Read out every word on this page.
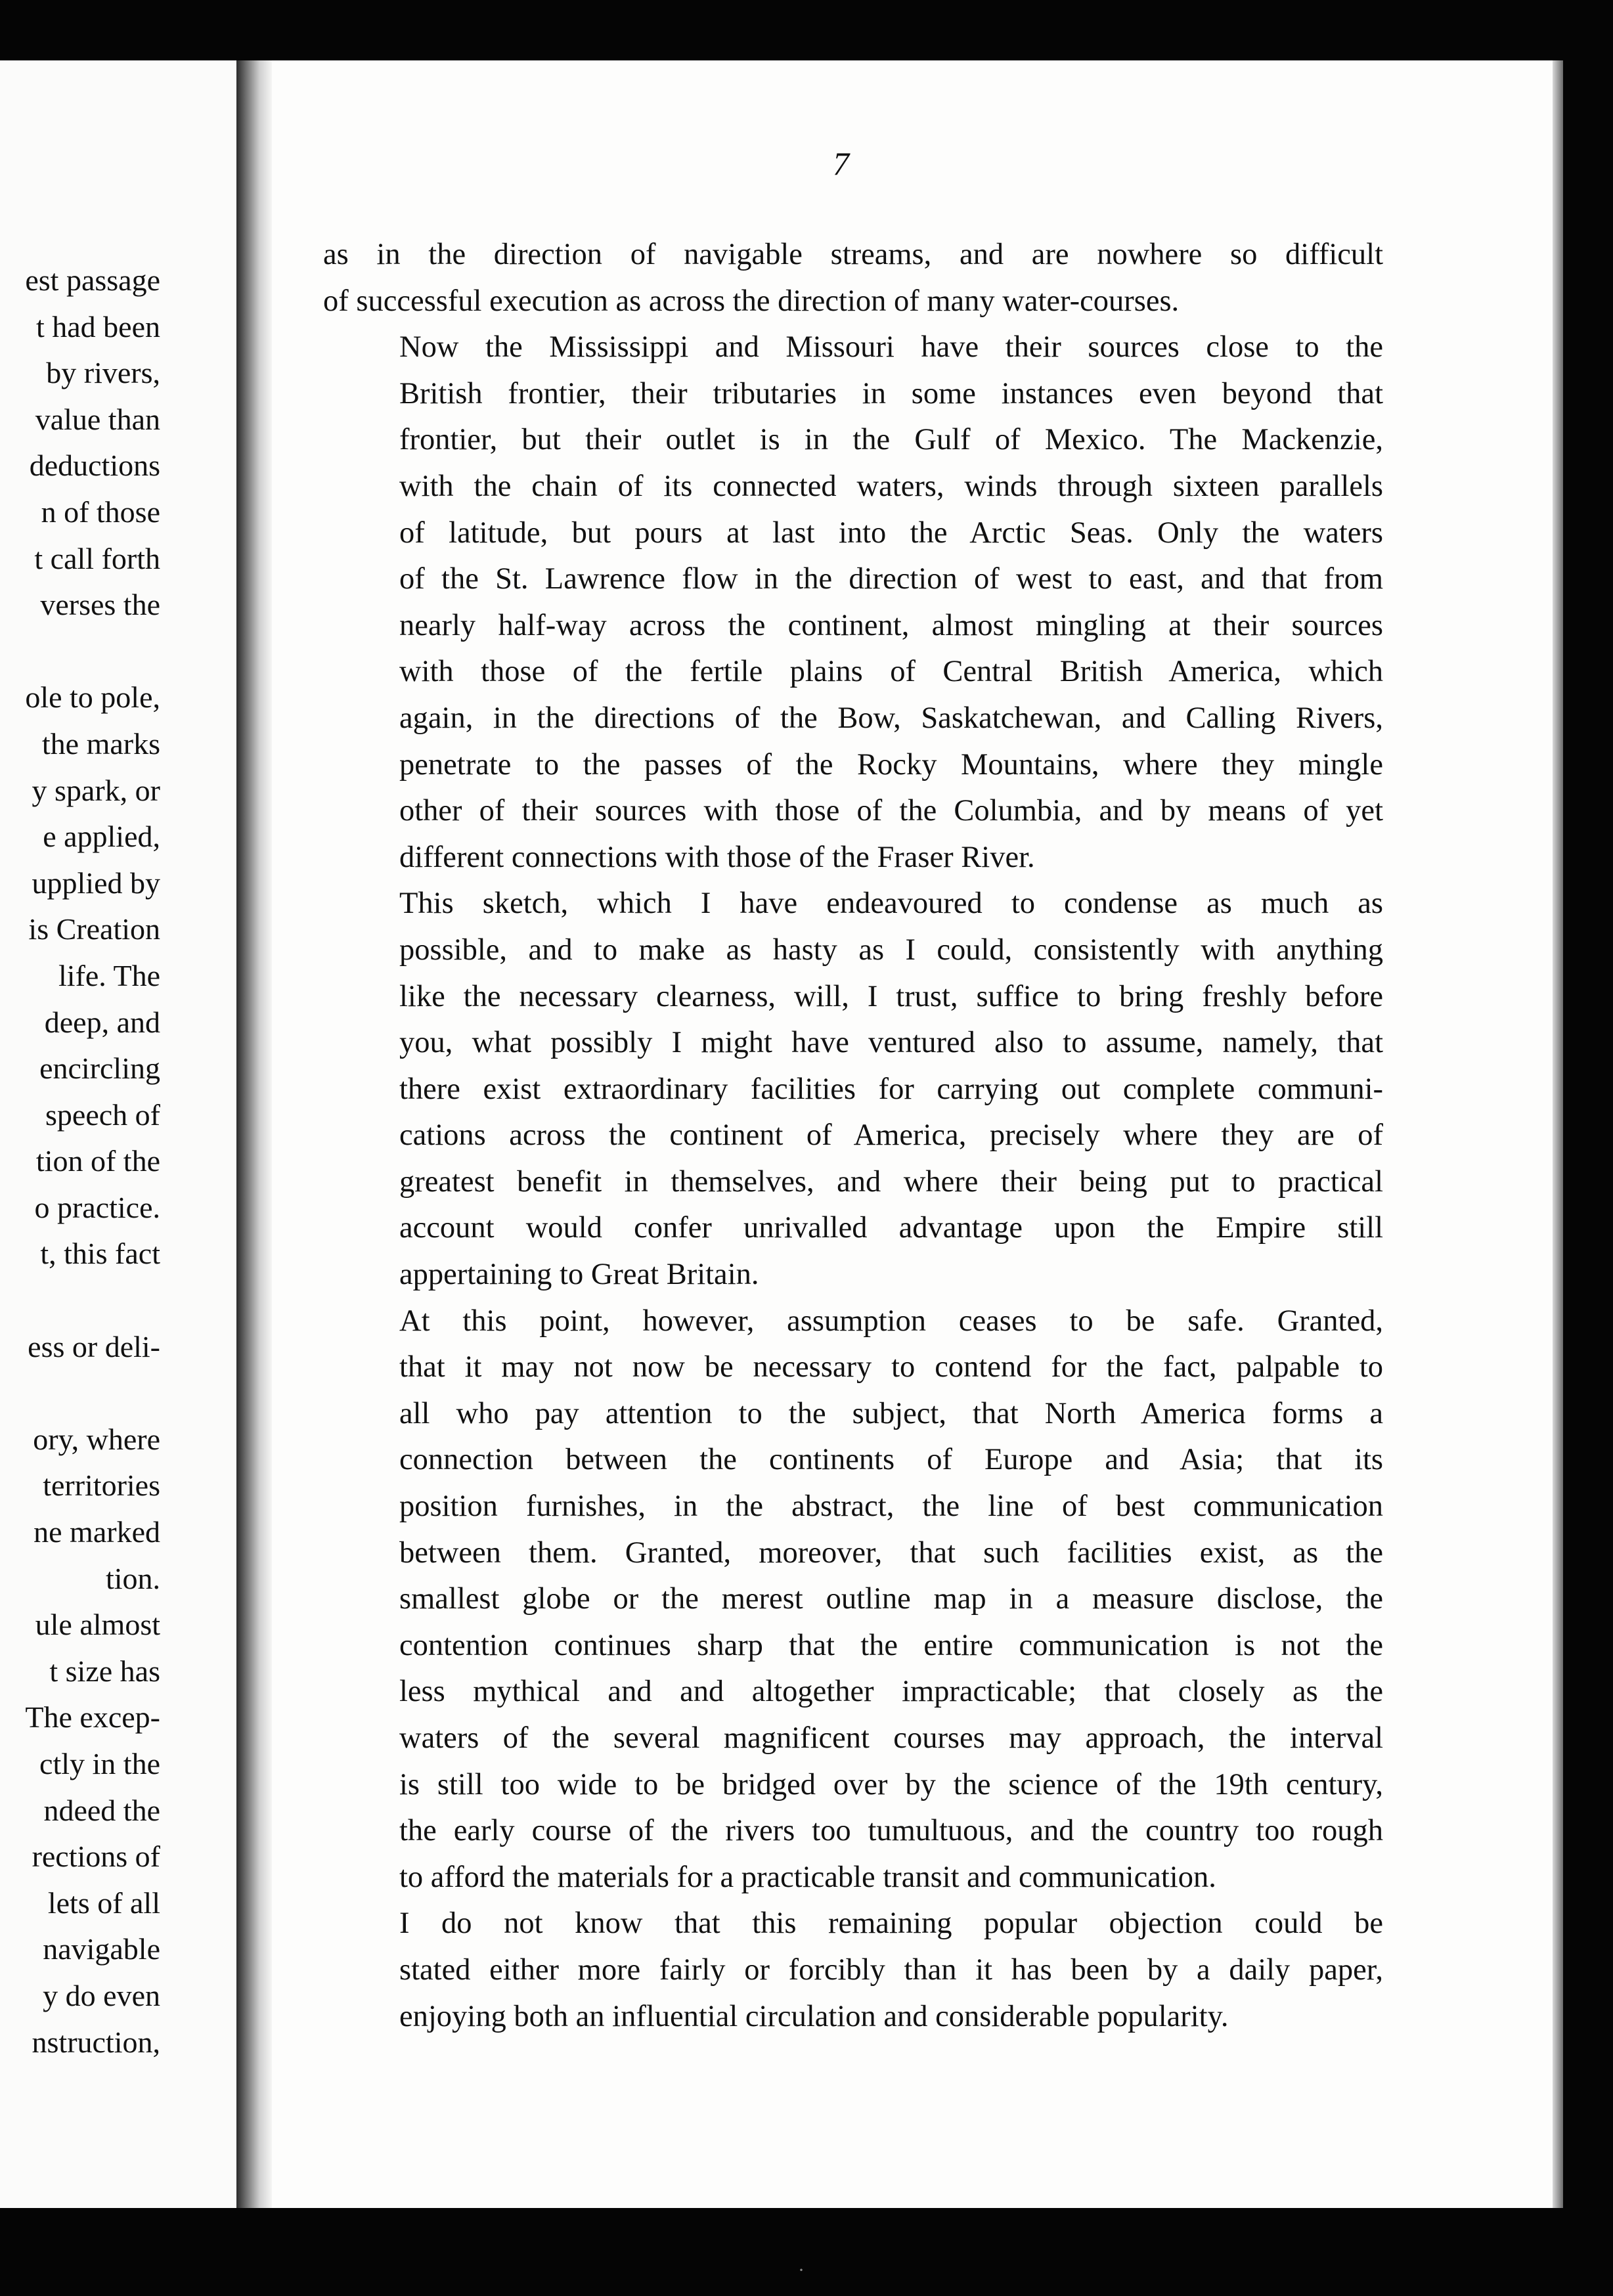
est passage
t had been
by rivers,
value than
deductions
n of those
t call forth
verses the
ole to pole,
the marks
y spark, or
e applied,
upplied by
is Creation
life. The
deep, and
encircling
speech of
tion of the
o practice.
t, this fact
ess or deli-
ory, where
territories
ne marked
tion.
ule almost
t size has
The excep-
ctly in the
ndeed the
rections of
lets of all
navigable
y do even
nstruction,
7
as in the direction of navigable streams, and are nowhere so difficult
of successful execution as across the direction of many water-courses.
Now the Mississippi and Missouri have their sources close to the
British frontier, their tributaries in some instances even beyond that
frontier, but their outlet is in the Gulf of Mexico. The Mackenzie,
with the chain of its connected waters, winds through sixteen parallels
of latitude, but pours at last into the Arctic Seas. Only the waters
of the St. Lawrence flow in the direction of west to east, and that from
nearly half-way across the continent, almost mingling at their sources
with those of the fertile plains of Central British America, which
again, in the directions of the Bow, Saskatchewan, and Calling Rivers,
penetrate to the passes of the Rocky Mountains, where they mingle
other of their sources with those of the Columbia, and by means of yet
different connections with those of the Fraser River.
This sketch, which I have endeavoured to condense as much as
possible, and to make as hasty as I could, consistently with anything
like the necessary clearness, will, I trust, suffice to bring freshly before
you, what possibly I might have ventured also to assume, namely, that
there exist extraordinary facilities for carrying out complete communi-
cations across the continent of America, precisely where they are of
greatest benefit in themselves, and where their being put to practical
account would confer unrivalled advantage upon the Empire still
appertaining to Great Britain.
At this point, however, assumption ceases to be safe. Granted,
that it may not now be necessary to contend for the fact, palpable to
all who pay attention to the subject, that North America forms a
connection between the continents of Europe and Asia; that its
position furnishes, in the abstract, the line of best communication
between them. Granted, moreover, that such facilities exist, as the
smallest globe or the merest outline map in a measure disclose, the
contention continues sharp that the entire communication is not the
less mythical and and altogether impracticable; that closely as the
waters of the several magnificent courses may approach, the interval
is still too wide to be bridged over by the science of the 19th century,
the early course of the rivers too tumultuous, and the country too rough
to afford the materials for a practicable transit and communication.
I do not know that this remaining popular objection could be
stated either more fairly or forcibly than it has been by a daily paper,
enjoying both an influential circulation and considerable popularity.
·
